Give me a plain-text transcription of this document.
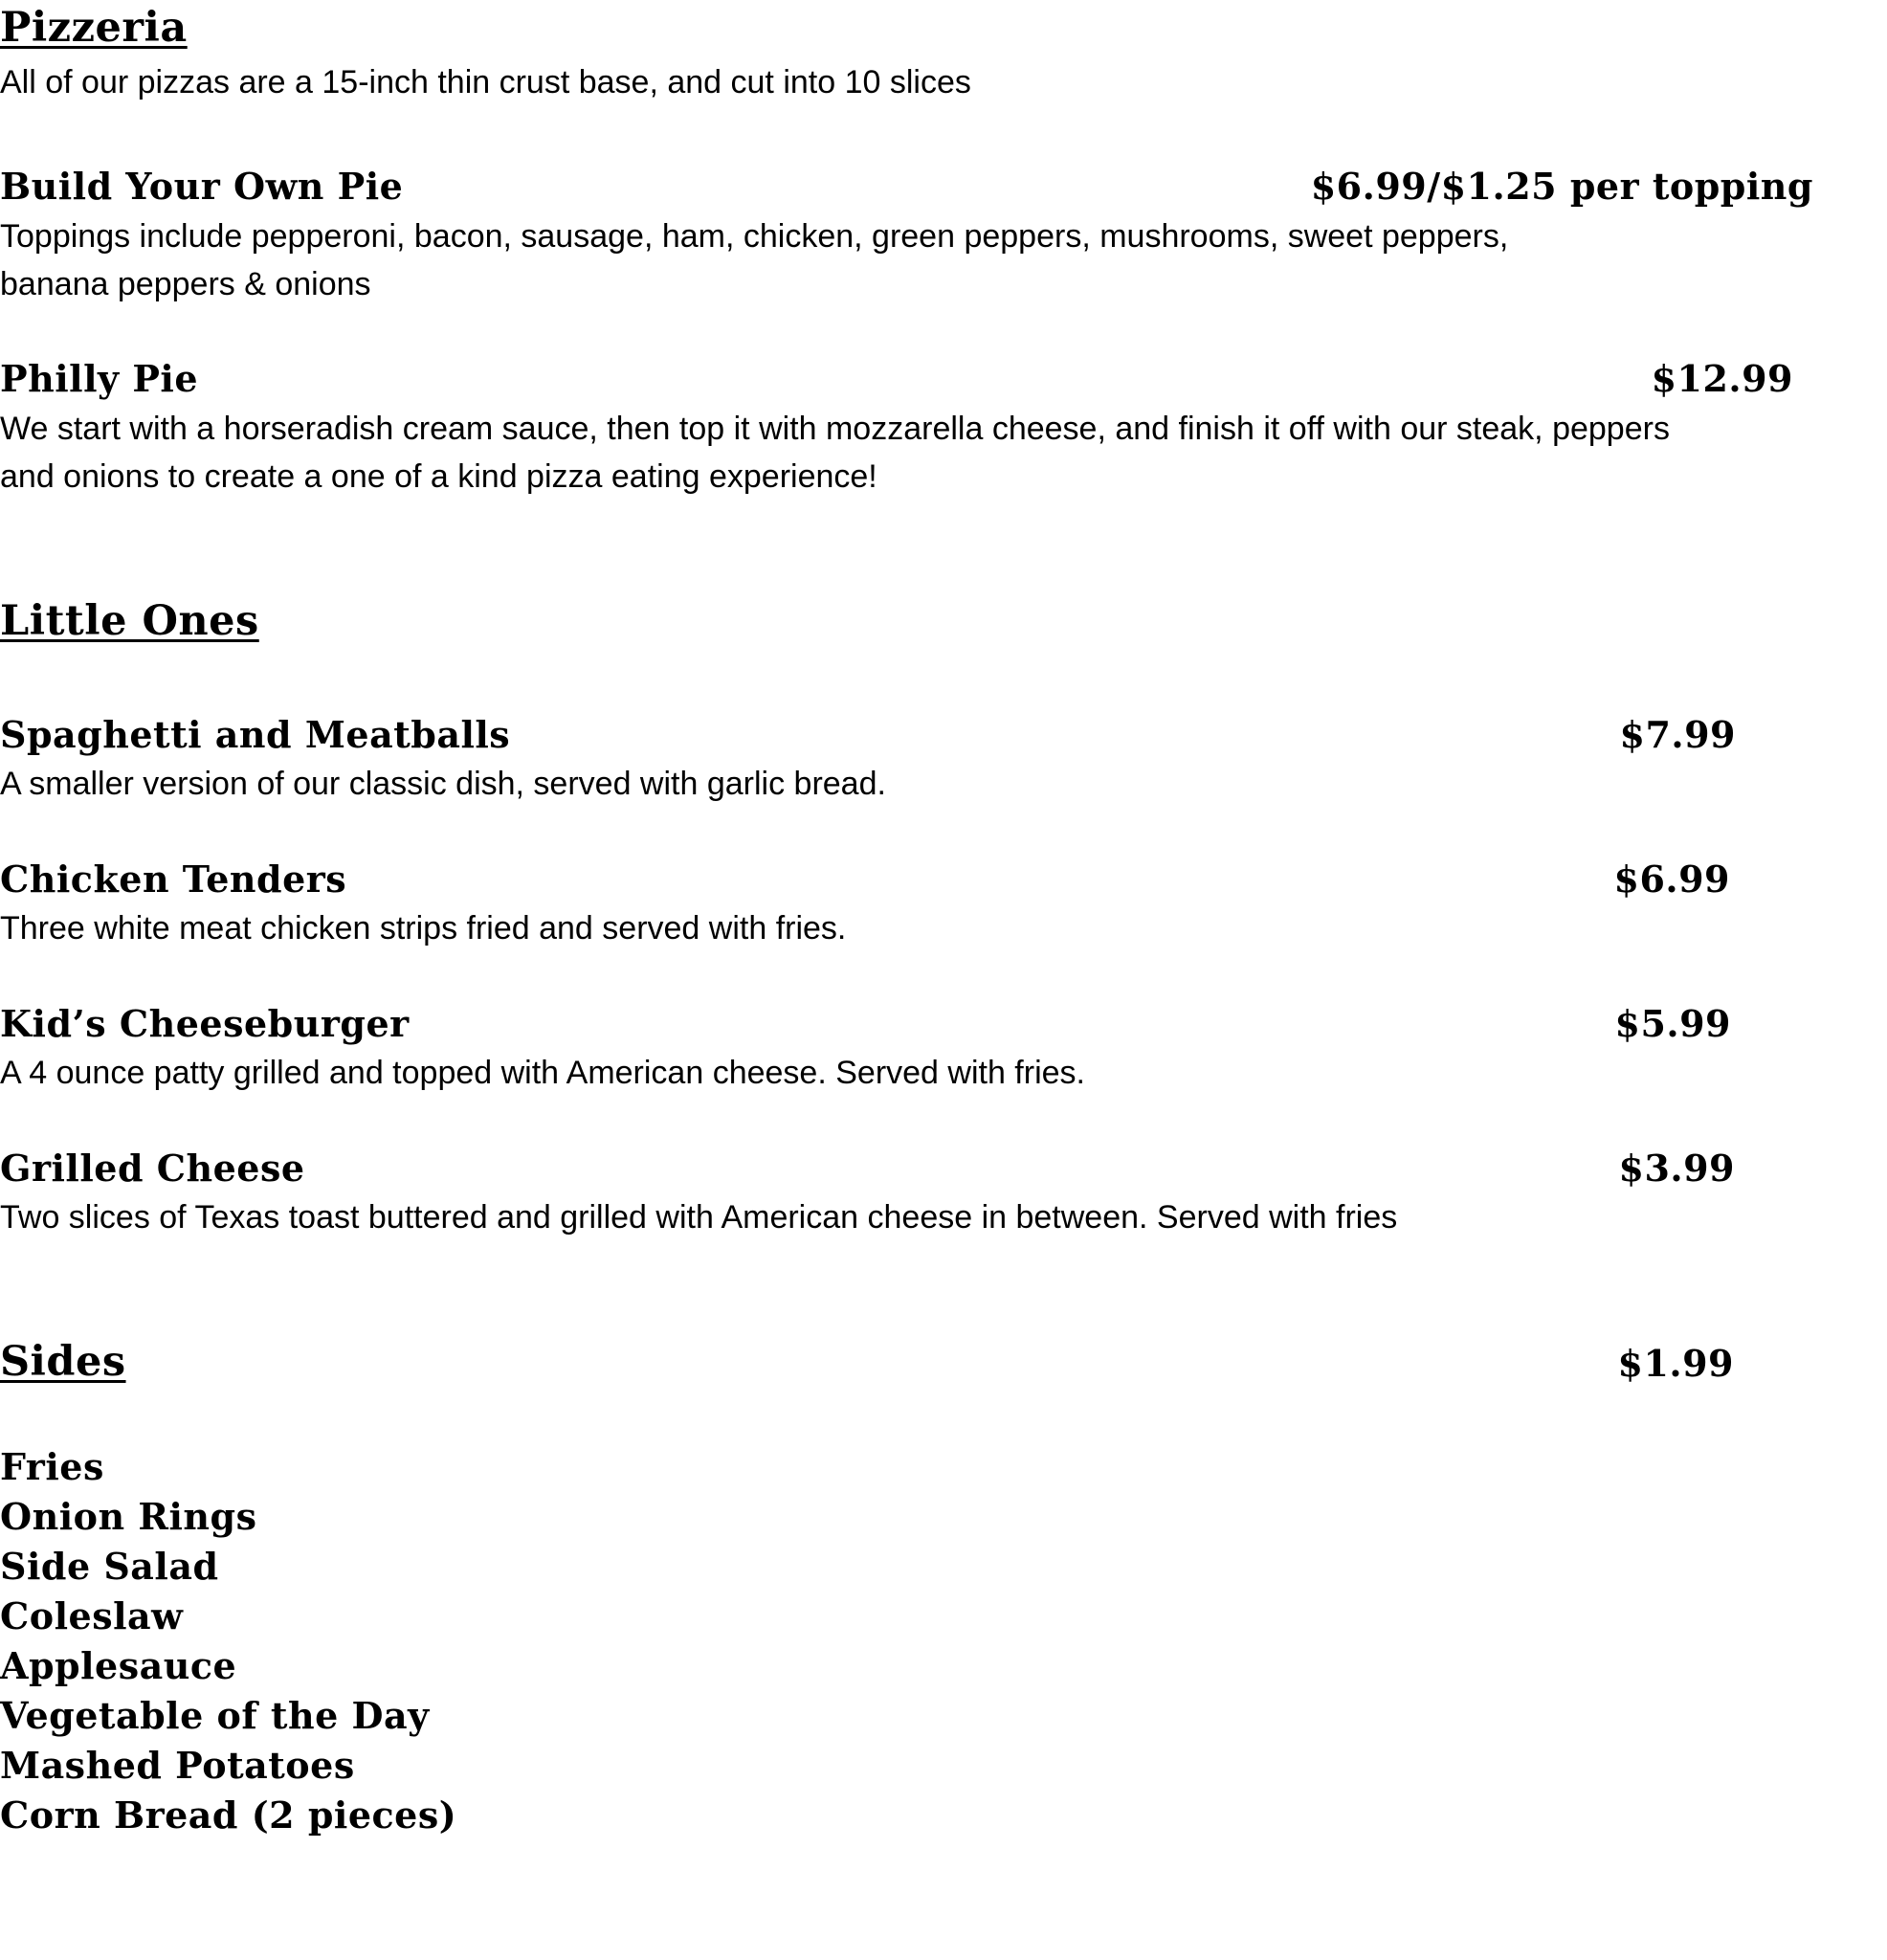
Pizzeria
All of our pizzas are a 15-inch thin crust base, and cut into 10 slices
Build Your Own Pie	$6.99/$1.25 per topping
Toppings include pepperoni, bacon, sausage, ham, chicken, green peppers, mushrooms, sweet peppers,
banana peppers & onions
Philly Pie	$12.99
We start with a horseradish cream sauce, then top it with mozzarella cheese, and finish it off with our steak, peppers
and onions to create a one of a kind pizza eating experience!
Little Ones
Spaghetti and Meatballs	$7.99
A smaller version of our classic dish, served with garlic bread.
Chicken Tenders	$6.99
Three white meat chicken strips fried and served with fries.
Kid’s Cheeseburger	$5.99
A 4 ounce patty grilled and topped with American cheese. Served with fries.
Grilled Cheese	$3.99
Two slices of Texas toast buttered and grilled with American cheese in between. Served with fries
Sides	$1.99
Fries
Onion Rings
Side Salad
Coleslaw
Applesauce
Vegetable of the Day
Mashed Potatoes
Corn Bread (2 pieces)
